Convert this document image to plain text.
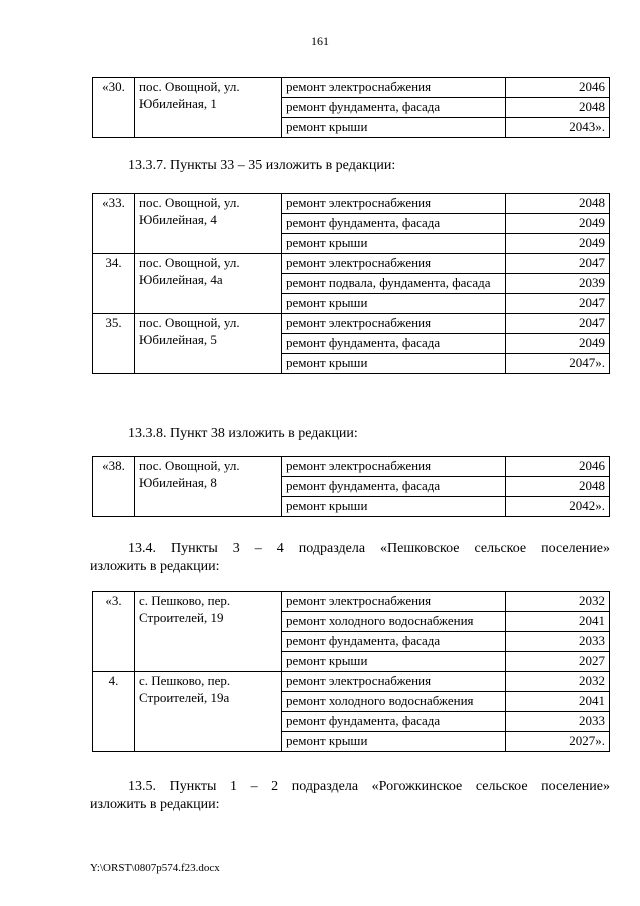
161
«30.	пос. Овощной, ул. Юбилейная, 1	ремонт электроснабжения	2046
		ремонт фундамента, фасада	2048
		ремонт крыши	2043».
13.3.7. Пункты 33 – 35 изложить в редакции:
«33.	пос. Овощной, ул. Юбилейная, 4	ремонт электроснабжения	2048
		ремонт фундамента, фасада	2049
		ремонт крыши	2049
34.	пос. Овощной, ул. Юбилейная, 4а	ремонт электроснабжения	2047
		ремонт подвала, фундамента, фасада	2039
		ремонт крыши	2047
35.	пос. Овощной, ул. Юбилейная, 5	ремонт электроснабжения	2047
		ремонт фундамента, фасада	2049
		ремонт крыши	2047».
13.3.8. Пункт 38 изложить в редакции:
«38.	пос. Овощной, ул. Юбилейная, 8	ремонт электроснабжения	2046
		ремонт фундамента, фасада	2048
		ремонт крыши	2042».
13.4. Пункты 3 – 4 подраздела «Пешковское сельское поселение»
изложить в редакции:
«3.	с. Пешково, пер. Строителей, 19	ремонт электроснабжения	2032
		ремонт холодного водоснабжения	2041
		ремонт фундамента, фасада	2033
		ремонт крыши	2027
4.	с. Пешково, пер. Строителей, 19а	ремонт электроснабжения	2032
		ремонт холодного водоснабжения	2041
		ремонт фундамента, фасада	2033
		ремонт крыши	2027».
13.5. Пункты 1 – 2 подраздела «Рогожкинское сельское поселение»
изложить в редакции:
Y:\ORST\0807p574.f23.docx
